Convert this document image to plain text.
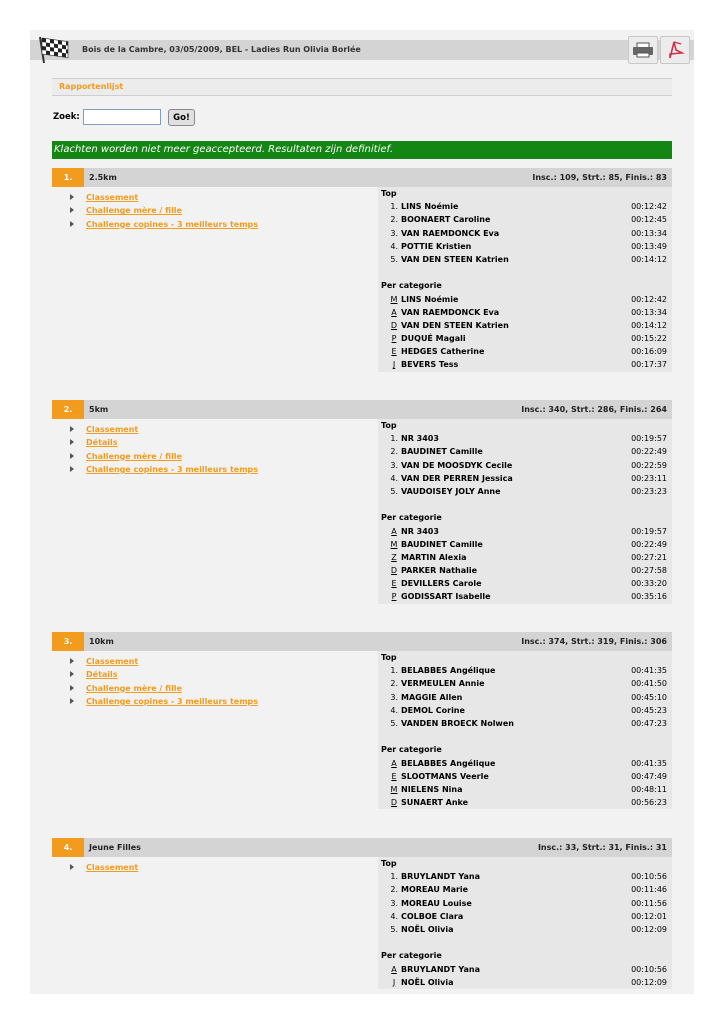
Bois de la Cambre, 03/05/2009, BEL - Ladies Run Olivia Borlée
Rapportenlijst
Zoek:	Go!
Klachten worden niet meer geaccepteerd. Resultaten zijn definitief.
1.	2.5km	Insc.: 109, Strt.: 85, Finis.: 83
Classement
Challenge mère / fille
Challenge copines - 3 meilleurs temps
Top
1. LINS Noémie	00:12:42
2. BOONAERT Caroline	00:12:45
3. VAN RAEMDONCK Eva	00:13:34
4. POTTIE Kristien	00:13:49
5. VAN DEN STEEN Katrien	00:14:12
Per categorie
M LINS Noémie	00:12:42
A VAN RAEMDONCK Eva	00:13:34
D VAN DEN STEEN Katrien	00:14:12
P DUQUÉ Magali	00:15:22
E HEDGES Catherine	00:16:09
J BEVERS Tess	00:17:37
2.	5km	Insc.: 340, Strt.: 286, Finis.: 264
Classement
Détails
Challenge mère / fille
Challenge copines - 3 meilleurs temps
Top
1. NR 3403	00:19:57
2. BAUDINET Camille	00:22:49
3. VAN DE MOOSDYK Cecile	00:22:59
4. VAN DER PERREN Jessica	00:23:11
5. VAUDOISEY JOLY Anne	00:23:23
Per categorie
A NR 3403	00:19:57
M BAUDINET Camille	00:22:49
Z MARTIN Alexia	00:27:21
D PARKER Nathalie	00:27:58
E DEVILLERS Carole	00:33:20
P GODISSART Isabelle	00:35:16
3.	10km	Insc.: 374, Strt.: 319, Finis.: 306
Classement
Détails
Challenge mère / fille
Challenge copines - 3 meilleurs temps
Top
1. BELABBES Angélique	00:41:35
2. VERMEULEN Annie	00:41:50
3. MAGGIE Allen	00:45:10
4. DEMOL Corine	00:45:23
5. VANDEN BROECK Nolwen	00:47:23
Per categorie
A BELABBES Angélique	00:41:35
E SLOOTMANS Veerle	00:47:49
M NIELENS Nina	00:48:11
D SUNAERT Anke	00:56:23
4.	Jeune Filles	Insc.: 33, Strt.: 31, Finis.: 31
Classement	Top
1. BRUYLANDT Yana	00:10:56
2. MOREAU Marie	00:11:46
3. MOREAU Louise	00:11:56
4. COLBOE Clara	00:12:01
5. NOËL Olivia	00:12:09
Per categorie
A BRUYLANDT Yana	00:10:56
J NOËL Olivia	00:12:09
